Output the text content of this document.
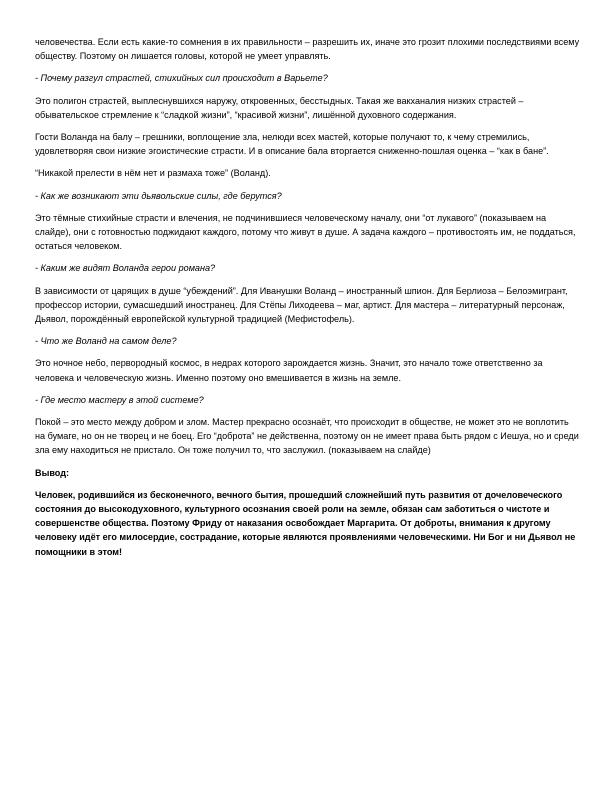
человечества. Если есть какие-то сомнения в их правильности – разрешить их, иначе это грозит плохими последствиями всему обществу. Поэтому он лишается головы, которой не умеет управлять.

- Почему разгул страстей, стихийных сил происходит в Варьете?

Это полигон страстей, выплеснувшихся наружу, откровенных, бесстыдных. Такая же вакханалия низких страстей – обывательское стремление к “сладкой жизни”, “красивой жизни”, лишённой духовного содержания.

Гости Воланда на балу – грешники, воплощение зла, нелюди всех мастей, которые получают то, к чему стремились, удовлетворяя свои низкие эгоистические страсти. И в описание бала вторгается сниженно-пошлая оценка – “как в бане”.

“Никакой прелести в нём нет и размаха тоже” (Воланд).

- Как же возникают эти дьявольские силы, где берутся?

Это тёмные стихийные страсти и влечения, не подчинившиеся человеческому началу, они “от лукавого” (показываем на слайде), они с готовностью поджидают каждого, потому что живут в душе. А задача каждого – противостоять им, не поддаться, остаться человеком.

- Каким же видят Воланда герои романа?

В зависимости от царящих в душе “убеждений”. Для Иванушки Воланд – иностранный шпион. Для Берлиоза – Белоэмигрант, профессор истории, сумасшедший иностранец. Для Стёпы Лиходеева – маг, артист. Для мастера – литературный персонаж, Дьявол, порождённый европейской культурной традицией (Мефистофель).

- Что же Воланд на самом деле?

Это ночное небо, первородный космос, в недрах которого зарождается жизнь. Значит, это начало тоже ответственно за человека и человеческую жизнь. Именно поэтому оно вмешивается в жизнь на земле.

- Где место мастеру в этой системе?

Покой – это место между добром и злом. Мастер прекрасно осознаёт, что происходит в обществе, не может это не воплотить на бумаге, но он не творец и не боец. Его “доброта” не действенна, поэтому он не имеет права быть рядом с Иешуа, но и среди зла ему находиться не пристало. Он тоже получил то, что заслужил. (показываем на слайде)

Вывод:

Человек, родившийся из бесконечного, вечного бытия, прошедший сложнейший путь развития от дочеловеческого состояния до высокодуховного, культурного осознания своей роли на земле, обязан сам заботиться о чистоте и совершенстве общества. Поэтому Фриду от наказания освобождает Маргарита. От доброты, внимания к другому человеку идёт его милосердие, сострадание, которые являются проявлениями человеческими. Ни Бог и ни Дьявол не помощники в этом!
